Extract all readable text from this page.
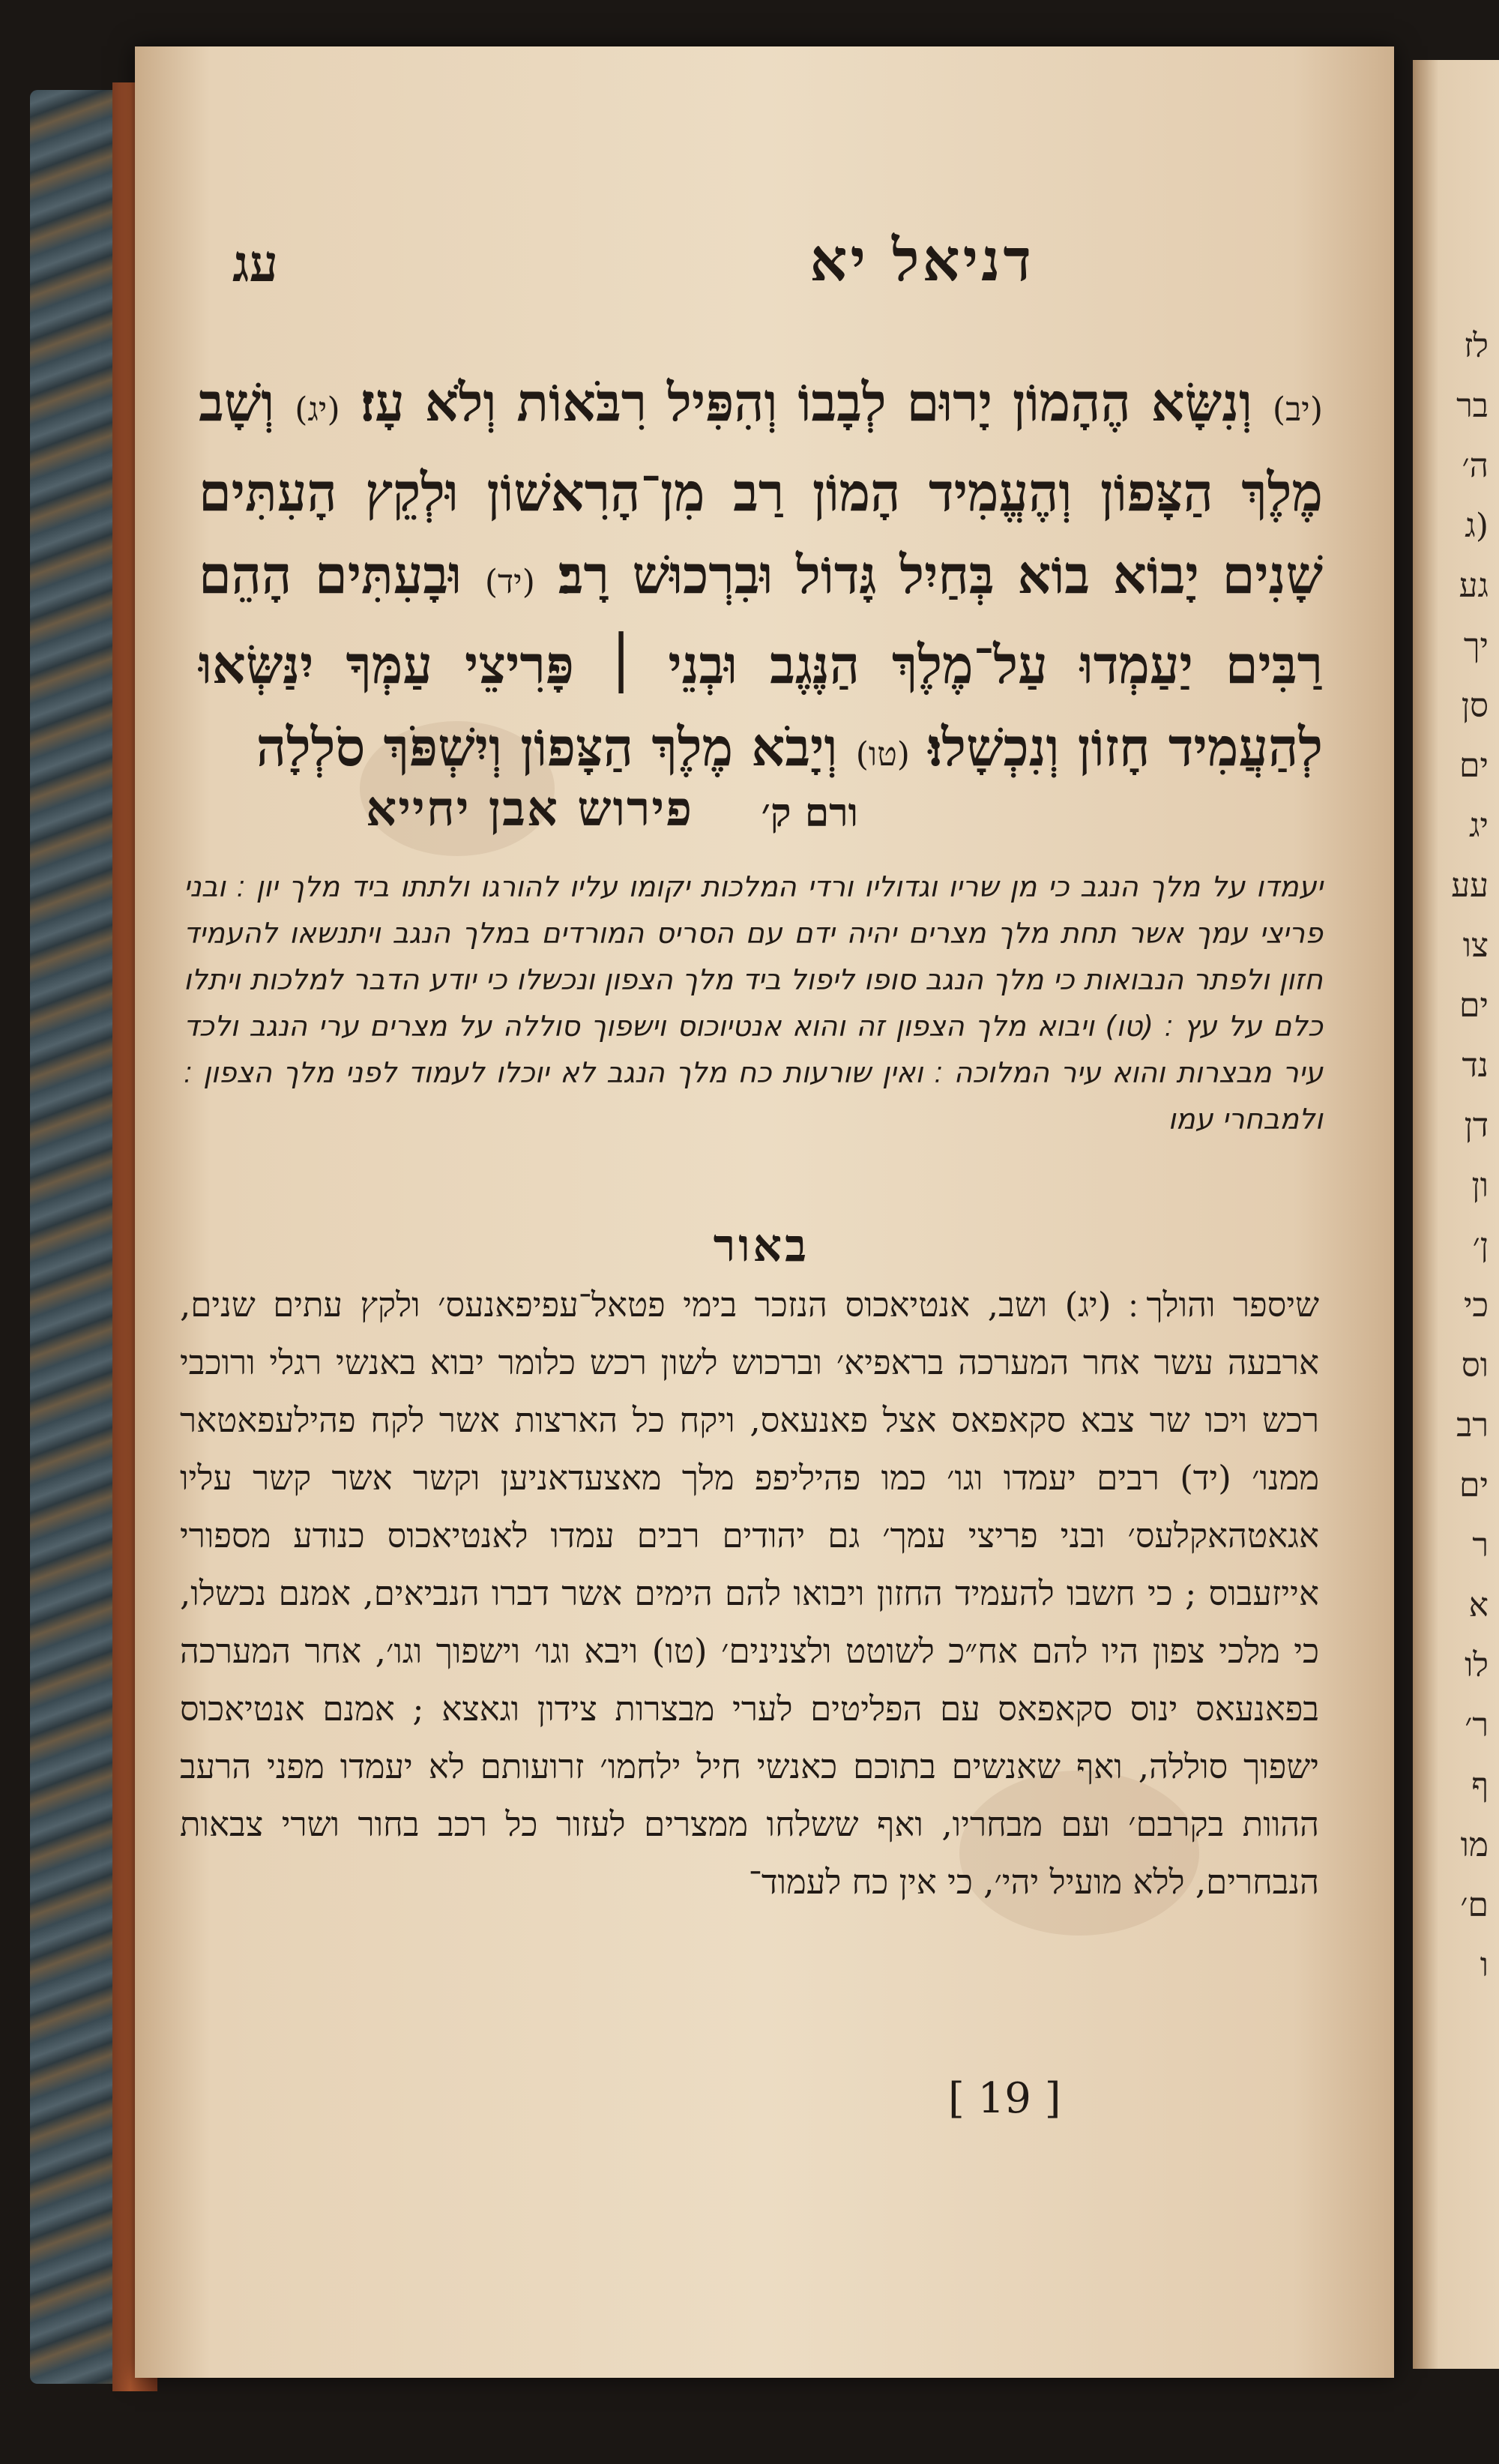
לז
בר
ה׳
(ג
גע
יך
סן
ים
יג
עע
צו
ים
נד
דן
ון
ן׳
כי
וס
רב
ים
ר
א
לו
ר׳
ף
מו
ם׳
ו
דניאל יא
עג
(יב) וְנִשָּׂא הֶהָמוֹן יָרוּם לְבָבוֹ וְהִפִּיל רִבֹּאוֹת וְלֹא עָז׃ (יג) וְשָׁב מֶלֶךְ הַצָּפוֹן וְהֶעֱמִיד הָמוֹן רַב מִן־הָרִאשׁוֹן וּלְקֵץ הָעִתִּים שָׁנִים יָבוֹא בוֹא בְּחַיִל גָּדוֹל וּבִרְכוּשׁ רָב׃ (יד) וּבָעִתִּים הָהֵם רַבִּים יַעַמְדוּ עַל־מֶלֶךְ הַנֶּגֶב וּבְנֵי ׀ פָּרִיצֵי עַמְּךָ יִנַּשְּׂאוּ לְהַעֲמִיד חָזוֹן וְנִכְשָׁלוּ׃ (טו) וְיָבֹא מֶלֶךְ הַצָּפוֹן וְיִשְׁפֹּךְ סֹלְלָה
פירוש אבן יחייא ורם ק׳
יעמדו על מלך הנגב כי מן שריו וגדוליו ורדי המלכות יקומו עליו להורגו ולתתו ביד מלך יון ׃ ובני פריצי עמך אשר תחת מלך מצרים יהיה ידם עם הסריס המורדים במלך הנגב ויתנשאו להעמיד חזון ולפתר הנבואות כי מלך הנגב סופו ליפול ביד מלך הצפון ונכשלו כי יודע הדבר למלכות ויתלו כלם על עץ ׃ (טו) ויבוא מלך הצפון זה והוא אנטיוכוס וישפוך סוללה על מצרים ערי הנגב ולכד עיר מבצרות והוא עיר המלוכה ׃ ואין שורעות כח מלך הנגב לא יוכלו לעמוד לפני מלך הצפון ׃ ולמבחרי עמו
באור
שיספר והולך ׃ (יג) ושב, אנטיאכוס הנזכר בימי פטאל־עפיפאנעס׳ ולקץ עתים שנים, ארבעה עשר אחר המערכה בראפיא׳ וברכוש לשון רכש כלומר יבוא באנשי רגלי ורוכבי רכש ויכו שר צבא סקאפאס אצל פאנעאס, ויקח כל הארצות אשר לקח פהילעפאטאר ממנו׳ (יד) רבים יעמדו וגו׳ כמו פהיליפפ מלך מאצעדאניען וקשר אשר קשר עליו אגאטהאקלעס׳ ובני פריצי עמך׳ גם יהודים רבים עמדו לאנטיאכוס כנודע מספורי אייזעבוס ; כי חשבו להעמיד החזון ויבואו להם הימים אשר דברו הנביאים, אמנם נכשלו, כי מלכי צפון היו להם אח״כ לשוטט ולצנינים׳ (טו) ויבא וגו׳ וישפוך וגו׳, אחר המערכה בפאנעאס ינוס סקאפאס עם הפליטים לערי מבצרות צידון וגאצא ; אמנם אנטיאכוס ישפוך סוללה, ואף שאנשים בתוכם כאנשי חיל ילחמו׳ זרועותם לא יעמדו מפני הרעב ההוות בקרבם׳ ועם מבחריו, ואף ששלחו ממצרים לעזור כל רכב בחור ושרי צבאות הנבחרים, ללא מועיל יהי׳, כי אין כח לעמוד־
[ 19 ]
